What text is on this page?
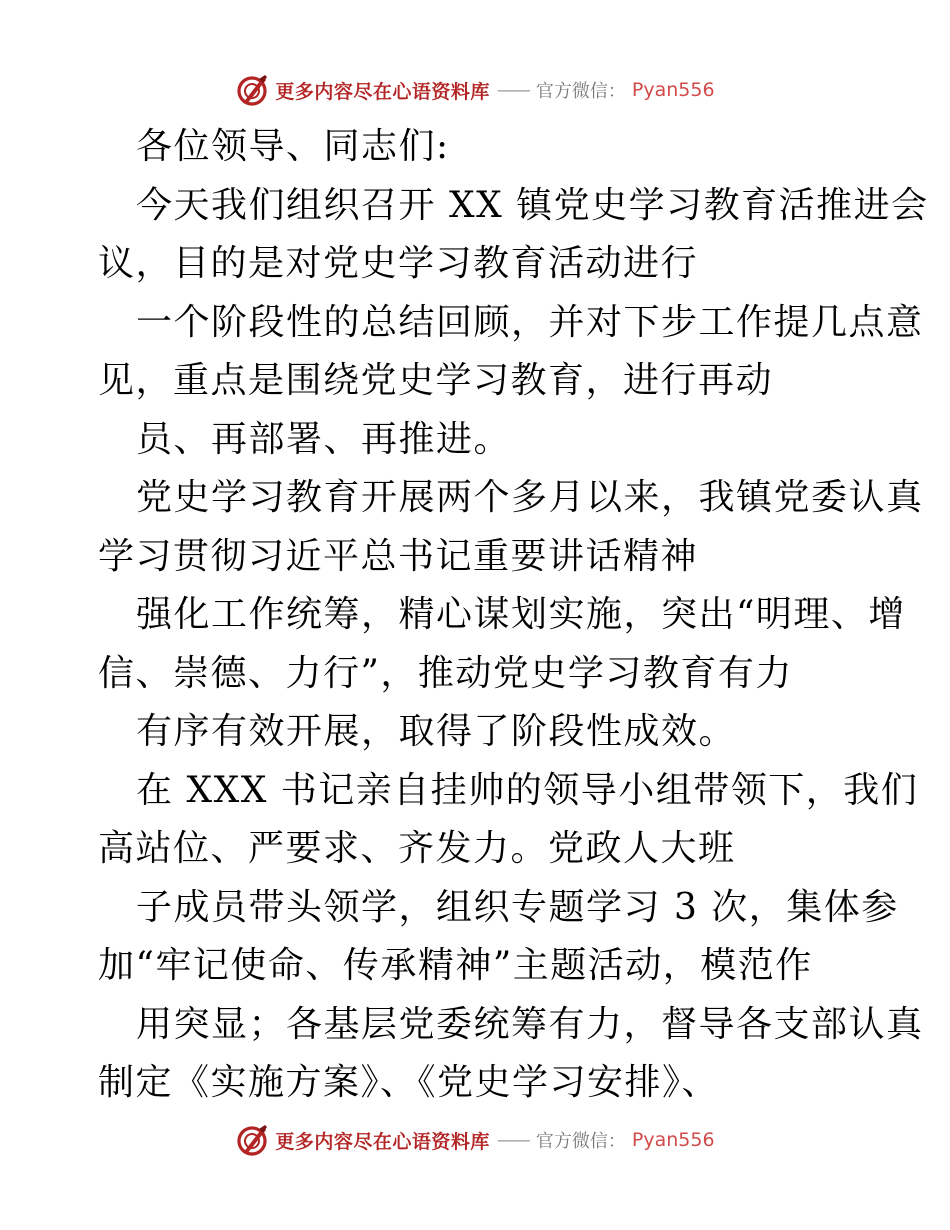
更多内容尽在心语资料库 —— 官方微信： Pyan556
各位领导、同志们:
今天我们组织召开 XX 镇党史学习教育活推进会
议，目的是对党史学习教育活动进行
一个阶段性的总结回顾，并对下步工作提几点意
见，重点是围绕党史学习教育，进行再动
员、再部署、再推进。
党史学习教育开展两个多月以来，我镇党委认真
学习贯彻习近平总书记重要讲话精神
强化工作统筹，精心谋划实施，突出“明理、增
信、崇德、力行”，推动党史学习教育有力
有序有效开展，取得了阶段性成效。
在 XXX 书记亲自挂帅的领导小组带领下，我们
高站位、严要求、齐发力。党政人大班
子成员带头领学，组织专题学习 3 次，集体参
加“牢记使命、传承精神”主题活动，模范作
用突显；各基层党委统筹有力，督导各支部认真
制定《实施方案》、《党史学习安排》、
更多内容尽在心语资料库 —— 官方微信： Pyan556
